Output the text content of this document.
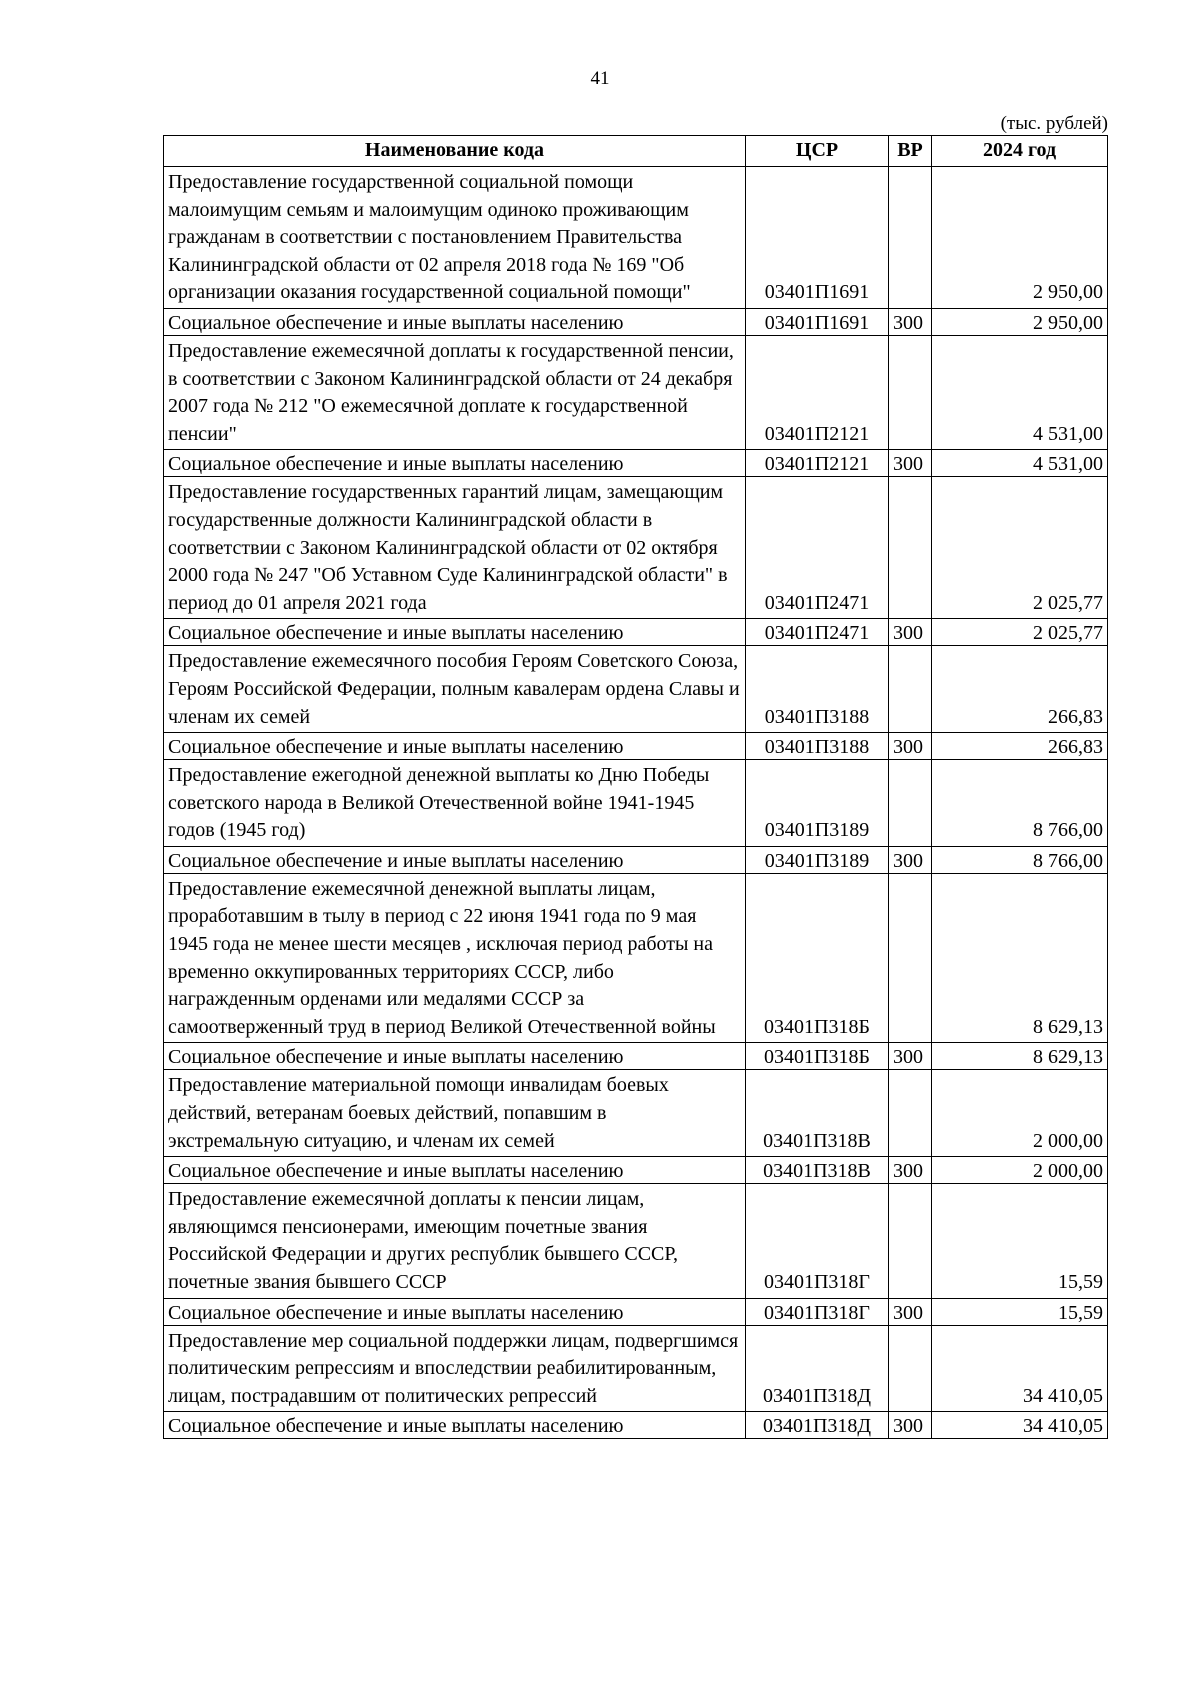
41
(тыс. рублей)
Наименование кода	ЦСР	ВР	2024 год
Предоставление государственной социальной помощи малоимущим семьям и малоимущим одиноко проживающим гражданам в соответствии с постановлением Правительства Калининградской области от 02 апреля 2018 года № 169 "Об организации оказания государственной социальной помощи"	03401П1691		2 950,00
Социальное обеспечение и иные выплаты населению	03401П1691	300	2 950,00
Предоставление ежемесячной доплаты к государственной пенсии, в соответствии с Законом Калининградской области от 24 декабря 2007 года № 212 "О ежемесячной доплате к государственной пенсии"	03401П2121		4 531,00
Социальное обеспечение и иные выплаты населению	03401П2121	300	4 531,00
Предоставление государственных гарантий лицам, замещающим государственные должности Калининградской области в соответствии с Законом Калининградской области от 02 октября 2000 года № 247 "Об Уставном Суде Калининградской области" в период до 01 апреля 2021 года	03401П2471		2 025,77
Социальное обеспечение и иные выплаты населению	03401П2471	300	2 025,77
Предоставление ежемесячного пособия Героям Советского Союза, Героям Российской Федерации, полным кавалерам ордена Славы и членам их семей	03401П3188		266,83
Социальное обеспечение и иные выплаты населению	03401П3188	300	266,83
Предоставление ежегодной денежной выплаты ко Дню Победы советского народа в Великой Отечественной войне 1941-1945 годов (1945 год)	03401П3189		8 766,00
Социальное обеспечение и иные выплаты населению	03401П3189	300	8 766,00
Предоставление ежемесячной денежной выплаты лицам, проработавшим в тылу в период с 22 июня 1941 года по 9 мая 1945 года не менее шести месяцев , исключая период работы на временно оккупированных территориях СССР, либо награжденным орденами или медалями СССР за самоотверженный труд в период Великой Отечественной войны	03401П318Б		8 629,13
Социальное обеспечение и иные выплаты населению	03401П318Б	300	8 629,13
Предоставление материальной помощи инвалидам боевых действий, ветеранам боевых действий, попавшим в экстремальную ситуацию, и членам их семей	03401П318В		2 000,00
Социальное обеспечение и иные выплаты населению	03401П318В	300	2 000,00
Предоставление ежемесячной доплаты к пенсии лицам, являющимся пенсионерами, имеющим почетные звания Российской Федерации и других республик бывшего СССР, почетные звания бывшего СССР	03401П318Г		15,59
Социальное обеспечение и иные выплаты населению	03401П318Г	300	15,59
Предоставление мер социальной поддержки лицам, подвергшимся политическим репрессиям и впоследствии реабилитированным, лицам, пострадавшим от политических репрессий	03401П318Д		34 410,05
Социальное обеспечение и иные выплаты населению	03401П318Д	300	34 410,05
